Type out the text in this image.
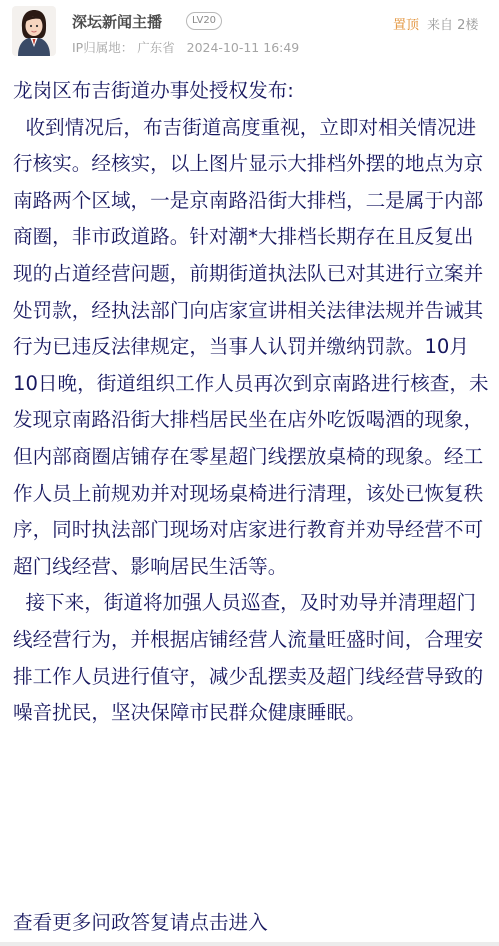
深坛新闻主播	LV20	置顶 来自 2楼
IP归属地： 广东省   2024-10-11 16:49

龙岗区布吉街道办事处授权发布:

收到情况后，布吉街道高度重视，立即对相关情况进行核实。经核实，以上图片显示大排档外摆的地点为京南路两个区域，一是京南路沿街大排档，二是属于内部商圈，非市政道路。针对潮*大排档长期存在且反复出现的占道经营问题，前期街道执法队已对其进行立案并处罚款，经执法部门向店家宣讲相关法律法规并告诫其行为已违反法律规定，当事人认罚并缴纳罚款。10月10日晚，街道组织工作人员再次到京南路进行核查，未发现京南路沿街大排档居民坐在店外吃饭喝酒的现象，但内部商圈店铺存在零星超门线摆放桌椅的现象。经工作人员上前规劝并对现场桌椅进行清理，该处已恢复秩序，同时执法部门现场对店家进行教育并劝导经营不可超门线经营、影响居民生活等。

接下来，街道将加强人员巡查，及时劝导并清理超门线经营行为，并根据店铺经营人流量旺盛时间，合理安排工作人员进行值守，减少乱摆卖及超门线经营导致的噪音扰民，坚决保障市民群众健康睡眠。

查看更多问政答复请点击进入
